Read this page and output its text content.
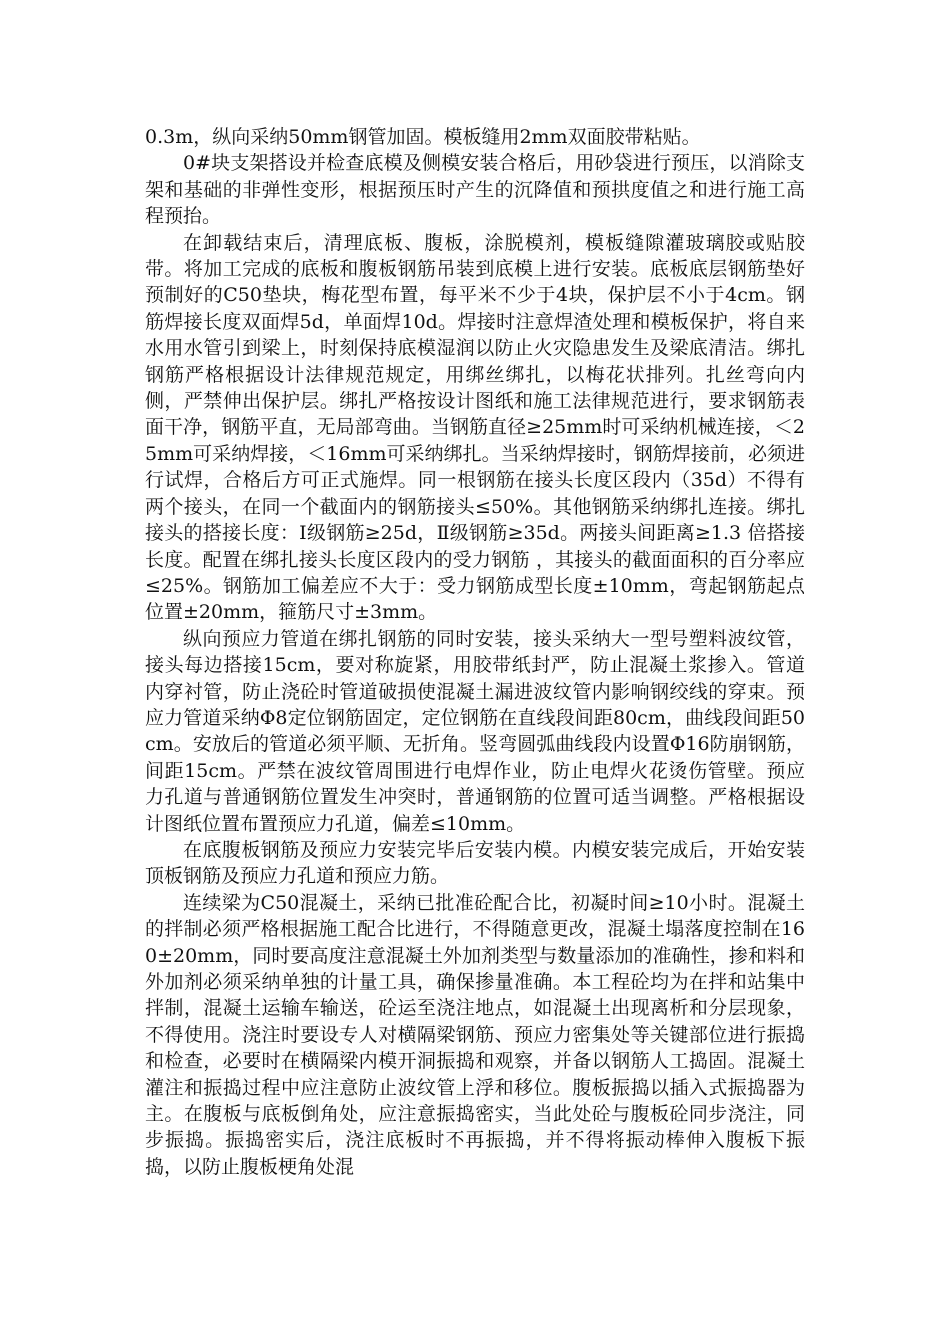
0.3m，纵向采纳50mm钢管加固。模板缝用2mm双面胶带粘贴。

0#块支架搭设并检查底模及侧模安装合格后，用砂袋进行预压，以消除支架和基础的非弹性变形，根据预压时产生的沉降值和预拱度值之和进行施工高程预抬。

在卸载结束后，清理底板、腹板，涂脱模剂，模板缝隙灌玻璃胶或贴胶带。将加工完成的底板和腹板钢筋吊装到底模上进行安装。底板底层钢筋垫好预制好的C50垫块，梅花型布置，每平米不少于4块，保护层不小于4cm。钢筋焊接长度双面焊5d，单面焊10d。焊接时注意焊渣处理和模板保护，将自来水用水管引到梁上，时刻保持底模湿润以防止火灾隐患发生及梁底清洁。绑扎钢筋严格根据设计法律规范规定，用绑丝绑扎，以梅花状排列。扎丝弯向内侧，严禁伸出保护层。绑扎严格按设计图纸和施工法律规范进行，要求钢筋表面干净，钢筋平直，无局部弯曲。当钢筋直径≥25mm时可采纳机械连接，＜25mm可采纳焊接，＜16mm可采纳绑扎。当采纳焊接时，钢筋焊接前，必须进行试焊，合格后方可正式施焊。同一根钢筋在接头长度区段内（35d）不得有两个接头，在同一个截面内的钢筋接头≤50%。其他钢筋采纳绑扎连接。绑扎接头的搭接长度：Ⅰ级钢筋≥25d，Ⅱ级钢筋≥35d。两接头间距离≥1.3 倍搭接长度。配置在绑扎接头长度区段内的受力钢筋 ，其接头的截面面积的百分率应≤25%。钢筋加工偏差应不大于：受力钢筋成型长度±10mm，弯起钢筋起点位置±20mm，箍筋尺寸±3mm。

纵向预应力管道在绑扎钢筋的同时安装，接头采纳大一型号塑料波纹管，接头每边搭接15cm，要对称旋紧，用胶带纸封严，防止混凝土浆掺入。管道内穿衬管，防止浇砼时管道破损使混凝土漏进波纹管内影响钢绞线的穿束。预应力管道采纳Φ8定位钢筋固定，定位钢筋在直线段间距80cm，曲线段间距50cm。安放后的管道必须平顺、无折角。竖弯圆弧曲线段内设置Φ16防崩钢筋，间距15cm。严禁在波纹管周围进行电焊作业，防止电焊火花烫伤管壁。预应力孔道与普通钢筋位置发生冲突时，普通钢筋的位置可适当调整。严格根据设计图纸位置布置预应力孔道，偏差≤10mm。

在底腹板钢筋及预应力安装完毕后安装内模。内模安装完成后，开始安装顶板钢筋及预应力孔道和预应力筋。

连续梁为C50混凝土，采纳已批准砼配合比，初凝时间≥10小时。混凝土的拌制必须严格根据施工配合比进行，不得随意更改，混凝土塌落度控制在160±20mm，同时要高度注意混凝土外加剂类型与数量添加的准确性，掺和料和外加剂必须采纳单独的计量工具，确保掺量准确。本工程砼均为在拌和站集中拌制，混凝土运输车输送，砼运至浇注地点，如混凝土出现离析和分层现象，不得使用。浇注时要设专人对横隔梁钢筋、预应力密集处等关键部位进行振捣和检查，必要时在横隔梁内模开洞振捣和观察，并备以钢筋人工捣固。混凝土灌注和振捣过程中应注意防止波纹管上浮和移位。腹板振捣以插入式振捣器为主。在腹板与底板倒角处，应注意振捣密实，当此处砼与腹板砼同步浇注，同步振捣。振捣密实后，浇注底板时不再振捣，并不得将振动棒伸入腹板下振捣，以防止腹板梗角处混
